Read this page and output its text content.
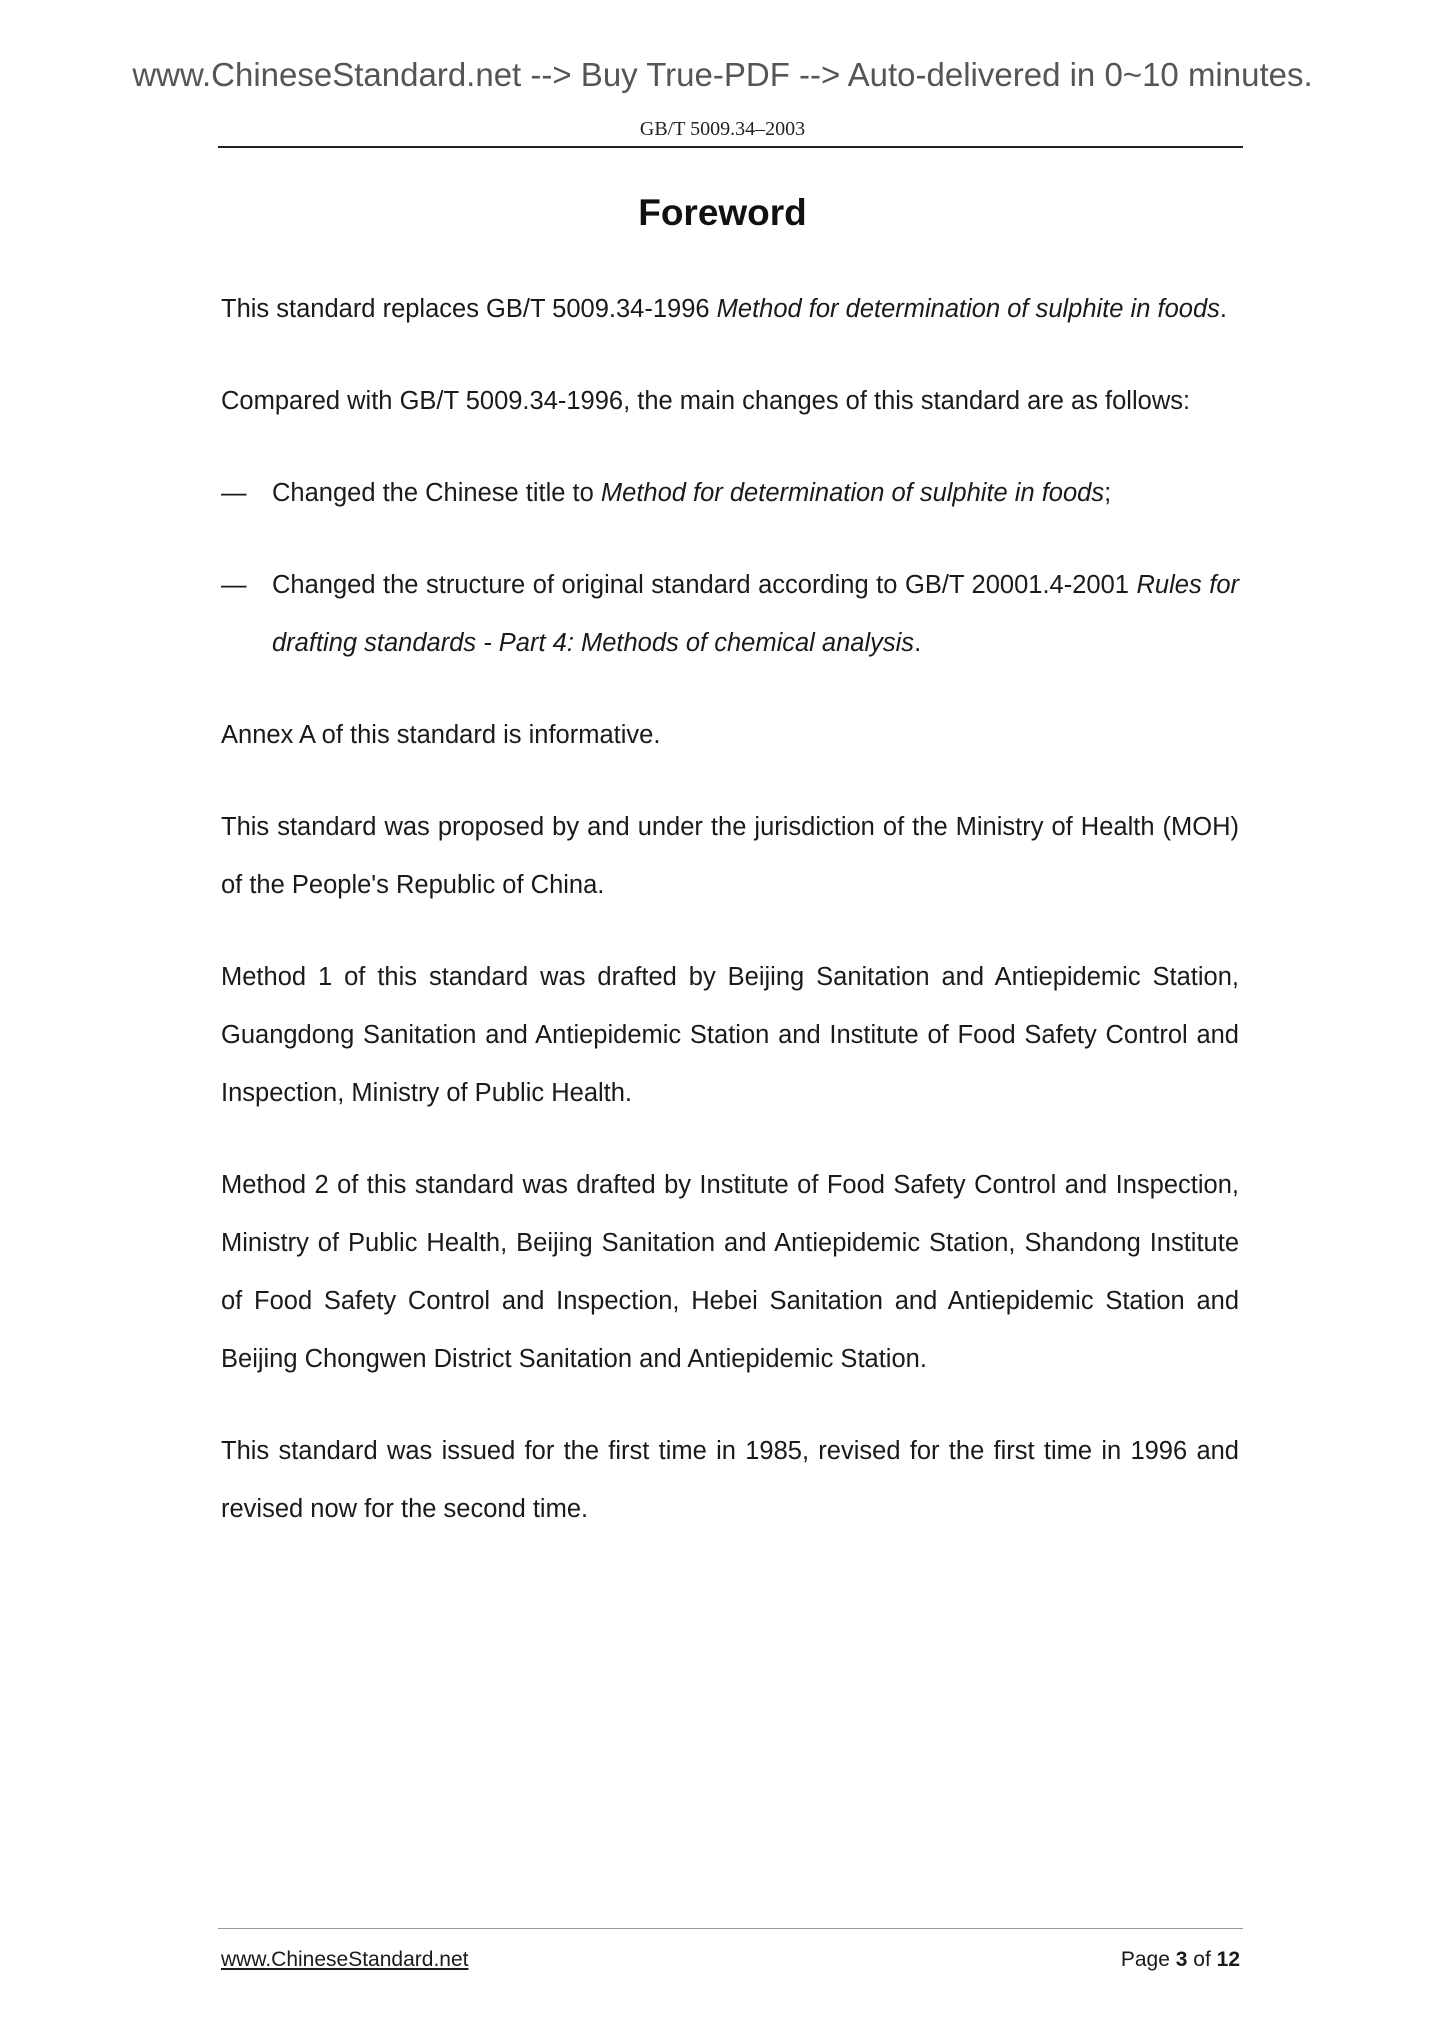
www.ChineseStandard.net --> Buy True-PDF --> Auto-delivered in 0~10 minutes.
GB/T 5009.34–2003
Foreword

This standard replaces GB/T 5009.34-1996 Method for determination of sulphite in foods.

Compared with GB/T 5009.34-1996, the main changes of this standard are as follows:

— Changed the Chinese title to Method for determination of sulphite in foods;
— Changed the structure of original standard according to GB/T 20001.4-2001 Rules for drafting standards - Part 4: Methods of chemical analysis.

Annex A of this standard is informative.

This standard was proposed by and under the jurisdiction of the Ministry of Health (MOH) of the People's Republic of China.

Method 1 of this standard was drafted by Beijing Sanitation and Antiepidemic Station, Guangdong Sanitation and Antiepidemic Station and Institute of Food Safety Control and Inspection, Ministry of Public Health.

Method 2 of this standard was drafted by Institute of Food Safety Control and Inspection, Ministry of Public Health, Beijing Sanitation and Antiepidemic Station, Shandong Institute of Food Safety Control and Inspection, Hebei Sanitation and Antiepidemic Station and Beijing Chongwen District Sanitation and Antiepidemic Station.

This standard was issued for the first time in 1985, revised for the first time in 1996 and revised now for the second time.

www.ChineseStandard.net	Page 3 of 12
